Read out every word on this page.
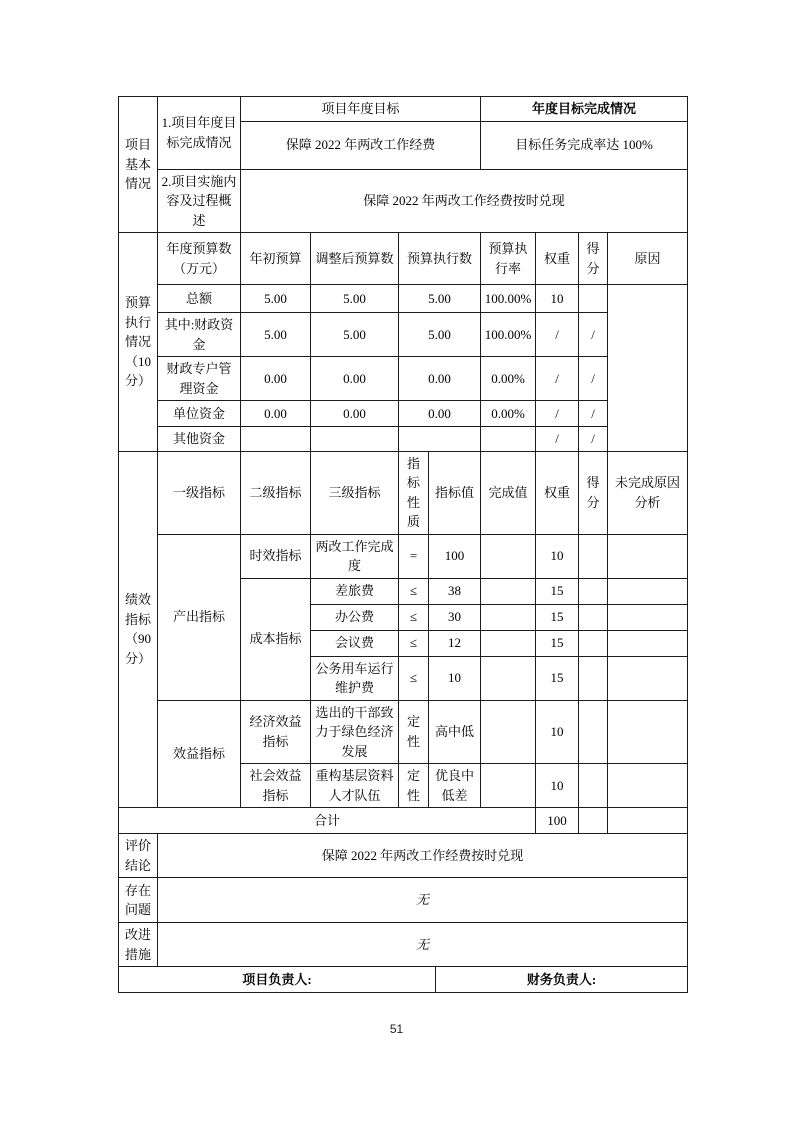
项目基本情况	1.项目年度目标完成情况	项目年度目标					年度目标完成情况			
		保障 2022 年两改工作经费					目标任务完成率达 100%			
	2.项目实施内容及过程概述	保障 2022 年两改工作经费按时兑现								
预算执行情况（10分）	年度预算数（万元）	年初预算	调整后预算数	预算执行数			预算执行率	权重	得分	原因
	总额	5.00	5.00	5.00			100.00%	10		
	其中:财政资金	5.00	5.00	5.00			100.00%	/	/	
	财政专户管理资金	0.00	0.00	0.00			0.00%	/	/	
	单位资金	0.00	0.00	0.00			0.00%	/	/	
	其他资金							/	/	
绩效指标（90分）	一级指标	二级指标	三级指标	指标性质	指标值		完成值	权重	得分	未完成原因分析
	产出指标	时效指标	两改工作完成度	=	100			10		
		成本指标	差旅费	≤	38			15		
			办公费	≤	30			15		
			会议费	≤	12			15		
			公务用车运行维护费	≤	10			15		
	效益指标	经济效益指标	选出的干部致力于绿色经济发展	定性	高中低			10		
		社会效益指标	重构基层资料人才队伍	定性	优良中低差			10		
合计								100		
评价结论	保障 2022 年两改工作经费按时兑现									
存在问题	无									
改进措施	无									
项目负责人:						财务负责人:				
51
